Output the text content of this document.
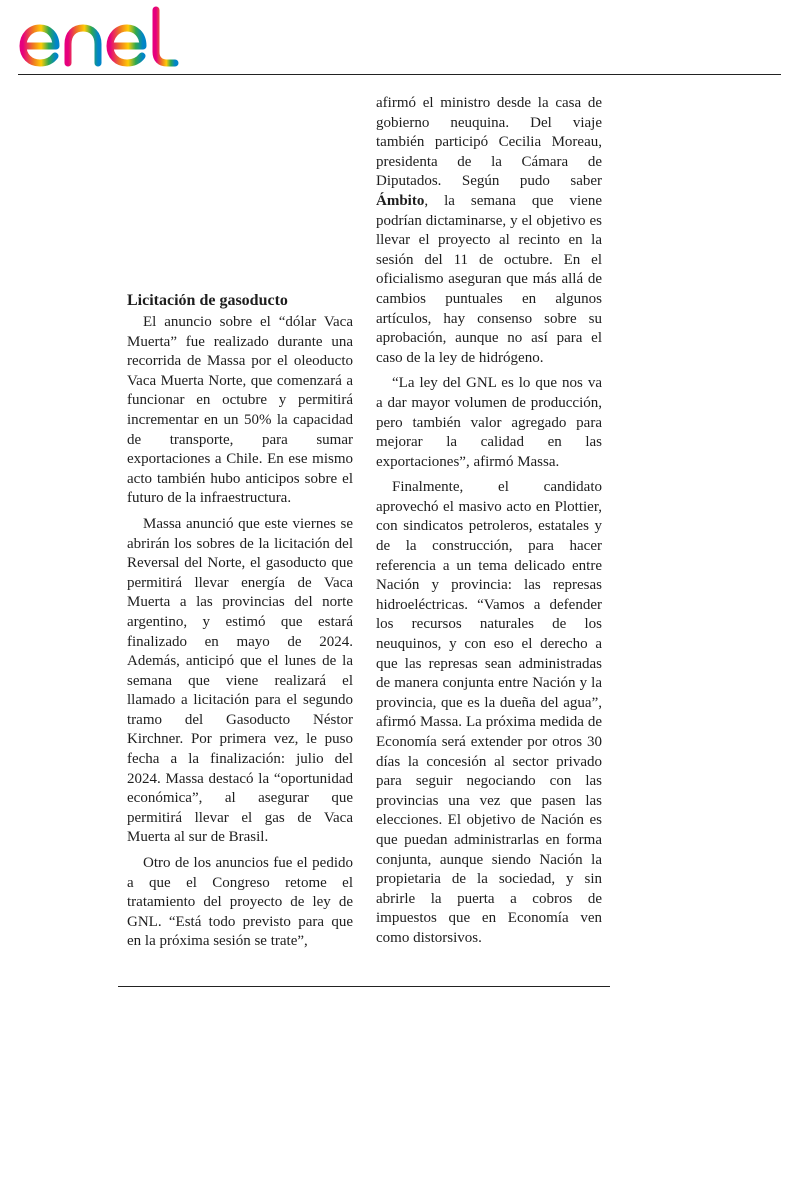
Licitación de gasoducto

El anuncio sobre el “dólar Vaca Muerta” fue realizado durante una recorrida de Massa por el oleoducto Vaca Muerta Norte, que comenzará a funcionar en octubre y permitirá incrementar en un 50% la capacidad de transporte, para sumar exportaciones a Chile. En ese mismo acto también hubo anticipos sobre el futuro de la infraestructura.

Massa anunció que este viernes se abrirán los sobres de la licitación del Reversal del Norte, el gasoducto que permitirá llevar energía de Vaca Muerta a las provincias del norte argentino, y estimó que estará finalizado en mayo de 2024. Además, anticipó que el lunes de la semana que viene realizará el llamado a licitación para el segundo tramo del Gasoducto Néstor Kirchner. Por primera vez, le puso fecha a la finalización: julio del 2024. Massa destacó la “oportunidad económica”, al asegurar que permitirá llevar el gas de Vaca Muerta al sur de Brasil.

Otro de los anuncios fue el pedido a que el Congreso retome el tratamiento del proyecto de ley de GNL. “Está todo previsto para que en la próxima sesión se trate”,

afirmó el ministro desde la casa de gobierno neuquina. Del viaje también participó Cecilia Moreau, presidenta de la Cámara de Diputados. Según pudo saber Ámbito, la semana que viene podrían dictaminarse, y el objetivo es llevar el proyecto al recinto en la sesión del 11 de octubre. En el oficialismo aseguran que más allá de cambios puntuales en algunos artículos, hay consenso sobre su aprobación, aunque no así para el caso de la ley de hidrógeno.

“La ley del GNL es lo que nos va a dar mayor volumen de producción, pero también valor agregado para mejorar la calidad en las exportaciones”, afirmó Massa.

Finalmente, el candidato aprovechó el masivo acto en Plottier, con sindicatos petroleros, estatales y de la construcción, para hacer referencia a un tema delicado entre Nación y provincia: las represas hidroeléctricas. “Vamos a defender los recursos naturales de los neuquinos, y con eso el derecho a que las represas sean administradas de manera conjunta entre Nación y la provincia, que es la dueña del agua”, afirmó Massa. La próxima medida de Economía será extender por otros 30 días la concesión al sector privado para seguir negociando con las provincias una vez que pasen las elecciones. El objetivo de Nación es que puedan administrarlas en forma conjunta, aunque siendo Nación la propietaria de la sociedad, y sin abrirle la puerta a cobros de impuestos que en Economía ven como distorsivos.
